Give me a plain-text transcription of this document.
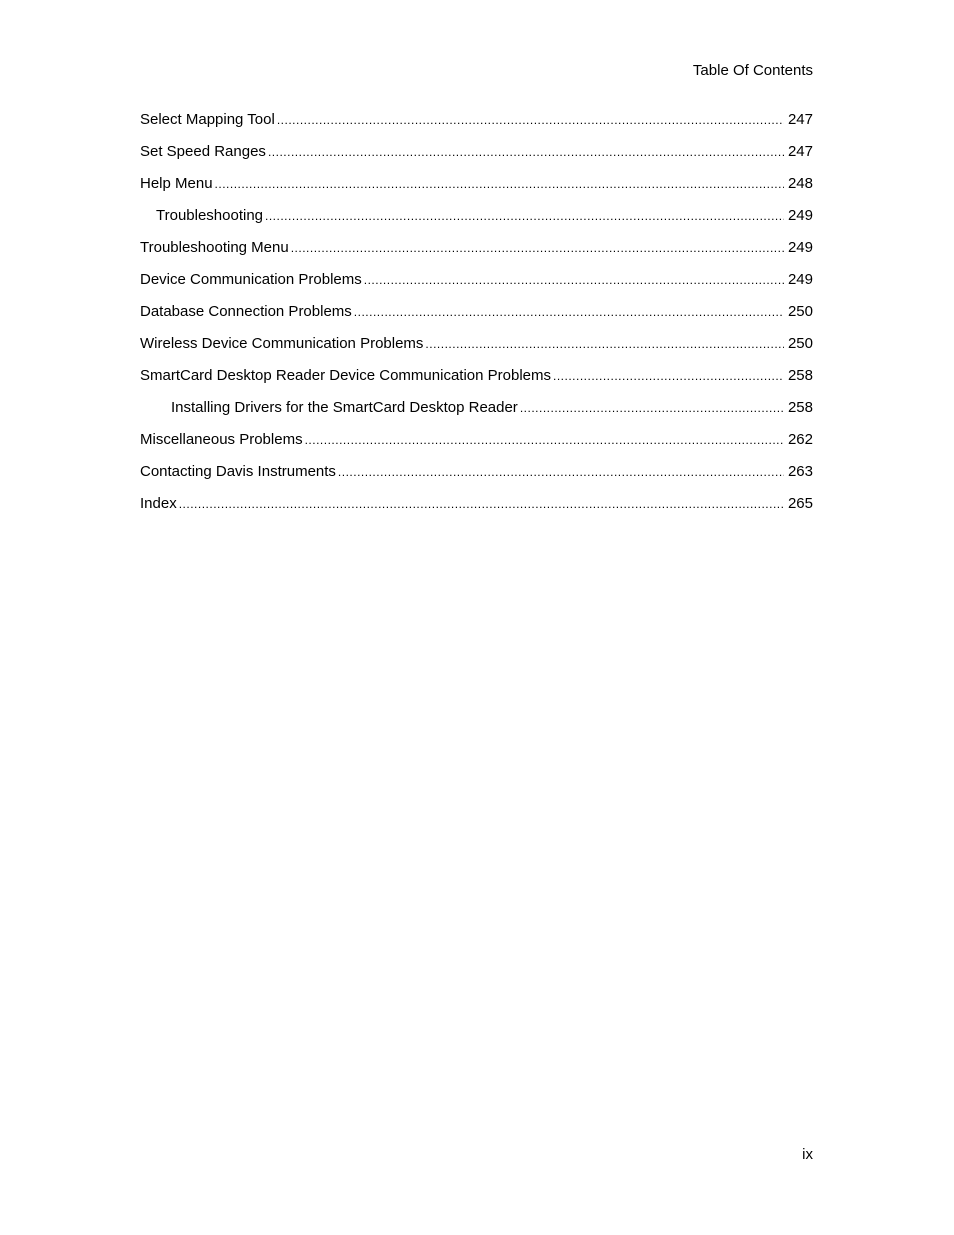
Table Of Contents
Select Mapping Tool .....	247
Set Speed Ranges .....	247
Help Menu .....	248
Troubleshooting .....	249
Troubleshooting Menu .....	249
Device Communication Problems .....	249
Database Connection Problems .....	250
Wireless Device Communication Problems .....	250
SmartCard Desktop Reader Device Communication Problems .....	258
Installing Drivers for the SmartCard Desktop Reader .....	258
Miscellaneous Problems .....	262
Contacting Davis Instruments .....	263
Index .....	265
ix
